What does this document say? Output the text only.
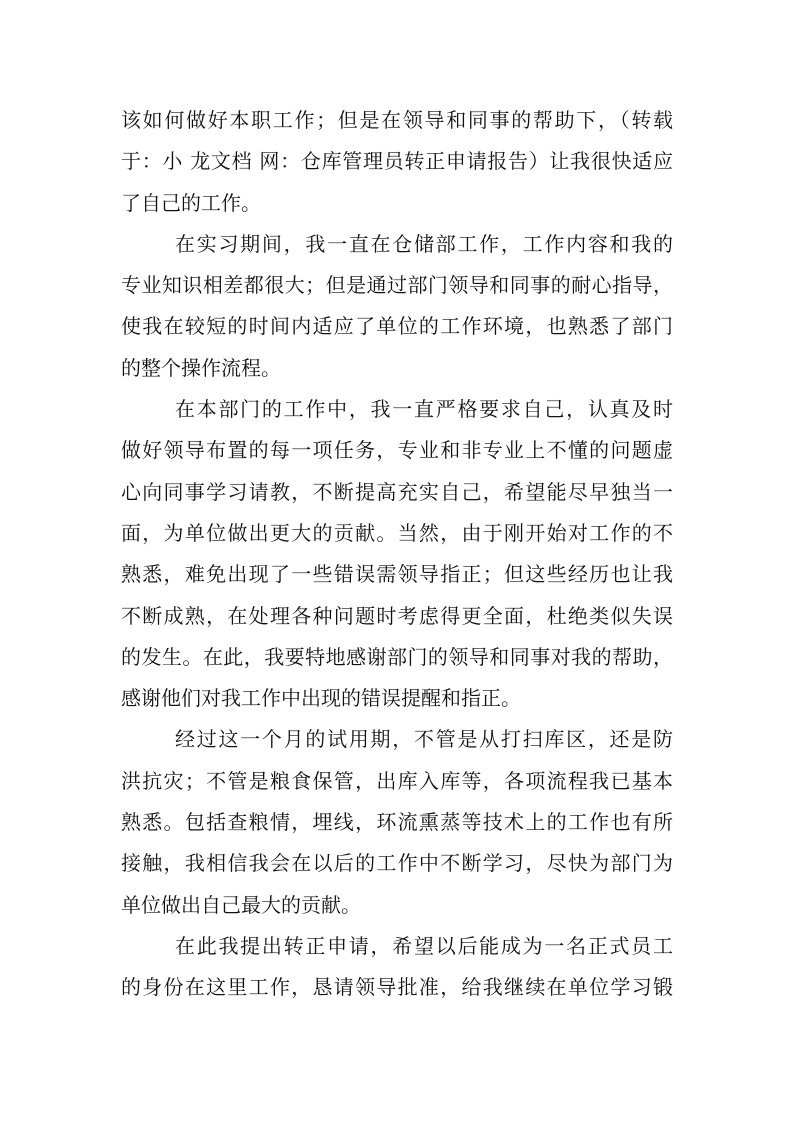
该如何做好本职工作；但是在领导和同事的帮助下，（转载
于：小 龙文档 网：仓库管理员转正申请报告）让我很快适应
了自己的工作。
在实习期间，我一直在仓储部工作，工作内容和我的
专业知识相差都很大；但是通过部门领导和同事的耐心指导，
使我在较短的时间内适应了单位的工作环境，也熟悉了部门
的整个操作流程。
在本部门的工作中，我一直严格要求自己，认真及时
做好领导布置的每一项任务，专业和非专业上不懂的问题虚
心向同事学习请教，不断提高充实自己，希望能尽早独当一
面，为单位做出更大的贡献。当然，由于刚开始对工作的不
熟悉，难免出现了一些错误需领导指正；但这些经历也让我
不断成熟，在处理各种问题时考虑得更全面，杜绝类似失误
的发生。在此，我要特地感谢部门的领导和同事对我的帮助，
感谢他们对我工作中出现的错误提醒和指正。
经过这一个月的试用期，不管是从打扫库区，还是防
洪抗灾；不管是粮食保管，出库入库等，各项流程我已基本
熟悉。包括查粮情，埋线，环流熏蒸等技术上的工作也有所
接触，我相信我会在以后的工作中不断学习，尽快为部门为
单位做出自己最大的贡献。
在此我提出转正申请，希望以后能成为一名正式员工
的身份在这里工作，恳请领导批准，给我继续在单位学习锻
